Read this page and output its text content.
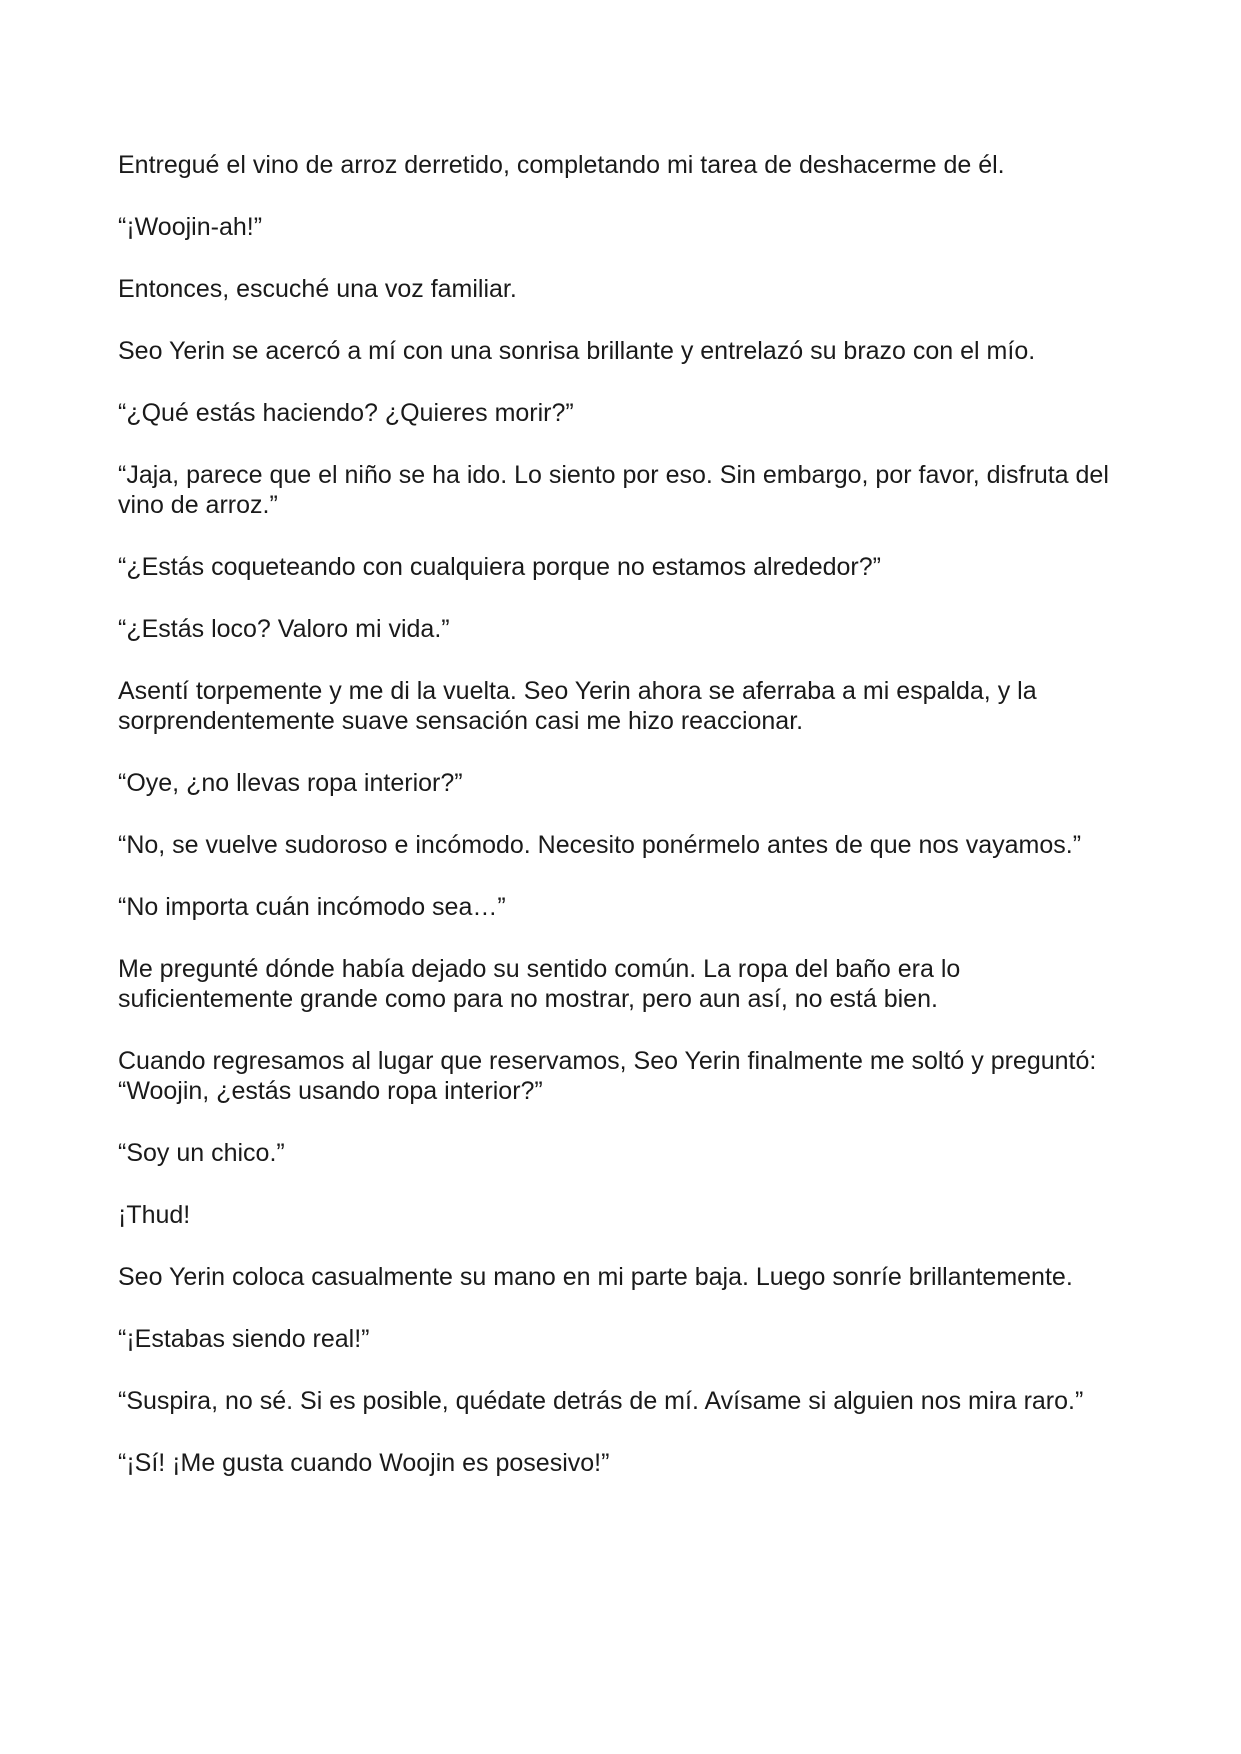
Entregué el vino de arroz derretido, completando mi tarea de deshacerme de él.

“¡Woojin-ah!”

Entonces, escuché una voz familiar.

Seo Yerin se acercó a mí con una sonrisa brillante y entrelazó su brazo con el mío.

“¿Qué estás haciendo? ¿Quieres morir?”

“Jaja, parece que el niño se ha ido. Lo siento por eso. Sin embargo, por favor, disfruta del vino de arroz.”

“¿Estás coqueteando con cualquiera porque no estamos alrededor?”

“¿Estás loco? Valoro mi vida.”

Asentí torpemente y me di la vuelta. Seo Yerin ahora se aferraba a mi espalda, y la sorprendentemente suave sensación casi me hizo reaccionar.

“Oye, ¿no llevas ropa interior?”

“No, se vuelve sudoroso e incómodo. Necesito ponérmelo antes de que nos vayamos.”

“No importa cuán incómodo sea…”

Me pregunté dónde había dejado su sentido común. La ropa del baño era lo suficientemente grande como para no mostrar, pero aun así, no está bien.

Cuando regresamos al lugar que reservamos, Seo Yerin finalmente me soltó y preguntó: “Woojin, ¿estás usando ropa interior?”

“Soy un chico.”

¡Thud!

Seo Yerin coloca casualmente su mano en mi parte baja. Luego sonríe brillantemente.

“¡Estabas siendo real!”

“Suspira, no sé. Si es posible, quédate detrás de mí. Avísame si alguien nos mira raro.”

“¡Sí! ¡Me gusta cuando Woojin es posesivo!”
